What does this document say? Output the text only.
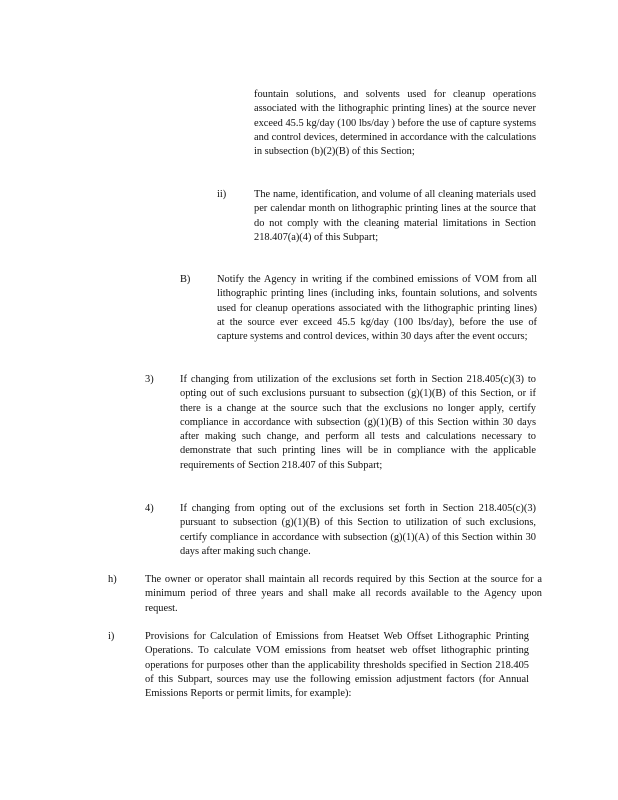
fountain solutions, and solvents used for cleanup operations associated with the lithographic printing lines) at the source never exceed 45.5 kg/day (100 lbs/day ) before the use of capture systems and control devices, determined in accordance with the calculations in subsection (b)(2)(B) of this Section;
ii)	The name, identification, and volume of all cleaning materials used per calendar month on lithographic printing lines at the source that do not comply with the cleaning material limitations in Section 218.407(a)(4) of this Subpart;
B)	Notify the Agency in writing if the combined emissions of VOM from all lithographic printing lines (including inks, fountain solutions, and solvents used for cleanup operations associated with the lithographic printing lines) at the source ever exceed 45.5 kg/day (100 lbs/day), before the use of capture systems and control devices, within 30 days after the event occurs;
3)	If changing from utilization of the exclusions set forth in Section 218.405(c)(3) to opting out of such exclusions pursuant to subsection (g)(1)(B) of this Section, or if there is a change at the source such that the exclusions no longer apply, certify compliance in accordance with subsection (g)(1)(B) of this Section within 30 days after making such change, and perform all tests and calculations necessary to demonstrate that such printing lines will be in compliance with the applicable requirements of Section 218.407 of this Subpart;
4)	If changing from opting out of the exclusions set forth in Section 218.405(c)(3) pursuant to subsection (g)(1)(B) of this Section to utilization of such exclusions, certify compliance in accordance with subsection (g)(1)(A) of this Section within 30 days after making such change.
h)	The owner or operator shall maintain all records required by this Section at the source for a minimum period of three years and shall make all records available to the Agency upon request.
i)	Provisions for Calculation of Emissions from Heatset Web Offset Lithographic Printing Operations. To calculate VOM emissions from heatset web offset lithographic printing operations for purposes other than the applicability thresholds specified in Section 218.405 of this Subpart, sources may use the following emission adjustment factors (for Annual Emissions Reports or permit limits, for example):
